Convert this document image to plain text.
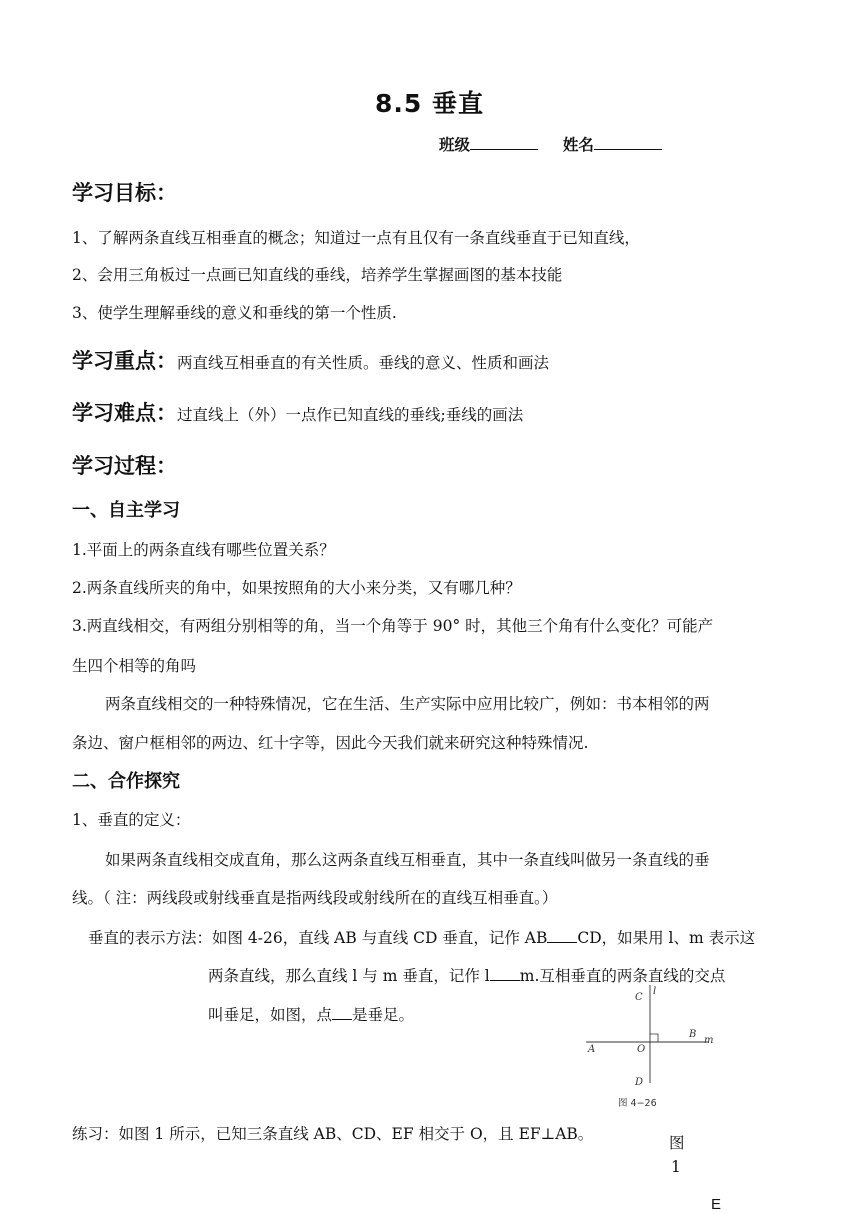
8.5 垂直
班级	姓名
学习目标：
1、了解两条直线互相垂直的概念；知道过一点有且仅有一条直线垂直于已知直线，
2、会用三角板过一点画已知直线的垂线，培养学生掌握画图的基本技能
3、使学生理解垂线的意义和垂线的第一个性质.
学习重点：两直线互相垂直的有关性质。垂线的意义、性质和画法
学习难点：过直线上（外）一点作已知直线的垂线;垂线的画法
学习过程：
一、自主学习
1.平面上的两条直线有哪些位置关系？
2.两条直线所夹的角中，如果按照角的大小来分类，又有哪几种？
3.两直线相交，有两组分别相等的角，当一个角等于 90° 时，其他三个角有什么变化？可能产
生四个相等的角吗
两条直线相交的一种特殊情况，它在生活、生产实际中应用比较广，例如：书本相邻的两
条边、窗户框相邻的两边、红十字等，因此今天我们就来研究这种特殊情况.
二、合作探究
1、垂直的定义：
如果两条直线相交成直角，那么这两条直线互相垂直，其中一条直线叫做另一条直线的垂
线。（ 注：两线段或射线垂直是指两线段或射线所在的直线互相垂直。）
垂直的表示方法：如图 4-26，直线 AB 与直线 CD 垂直，记作 AB CD，如果用 l、m 表示这
两条直线，那么直线 l 与 m 垂直，记作 l m.互相垂直的两条直线的交点
叫垂足，如图，点 是垂足。
C
l
B
m
A	O
D
图 4−26
练习：如图 1 所示，已知三条直线 AB、CD、EF 相交于 O，且 EF⊥AB。	图
1
E
